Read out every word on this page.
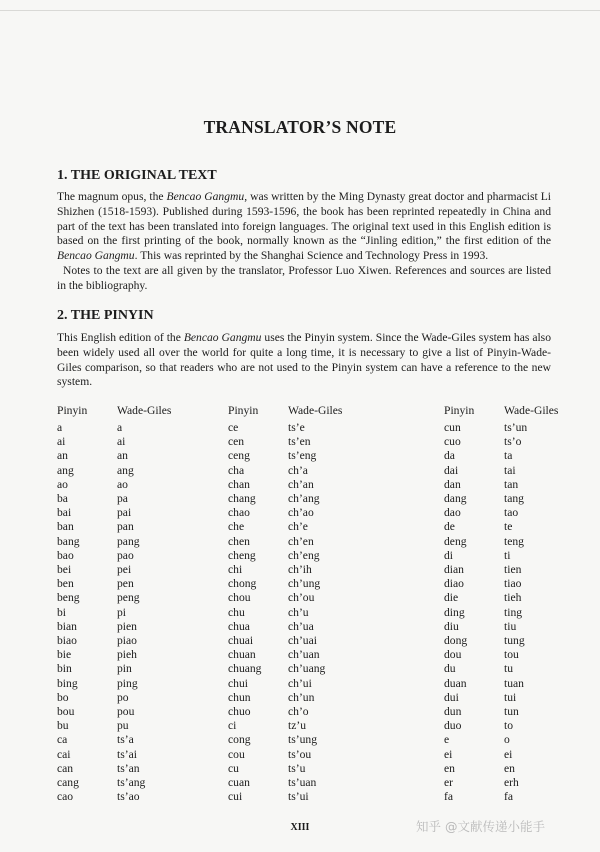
TRANSLATOR’S NOTE
1. THE ORIGINAL TEXT

The magnum opus, the Bencao Gangmu, was written by the Ming Dynasty great doctor and pharmacist Li Shizhen (1518-1593). Published during 1593-1596, the book has been reprinted repeatedly in China and part of the text has been translated into foreign languages. The original text used in this English edition is based on the first printing of the book, normally known as the “Jinling edition,” the first edition of the Bencao Gangmu. This was reprinted by the Shanghai Science and Technology Press in 1993.

Notes to the text are all given by the translator, Professor Luo Xiwen. References and sources are listed in the bibliography.

2. THE PINYIN

This English edition of the Bencao Gangmu uses the Pinyin system. Since the Wade-Giles system has also been widely used all over the world for quite a long time, it is necessary to give a list of Pinyin-Wade-Giles comparison, so that readers who are not used to the Pinyin system can have a reference to the new system.

Pinyin	Wade-Giles
a	a
ai	ai
an	an
ang	ang
ao	ao
ba	pa
bai	pai
ban	pan
bang	pang
bao	pao
bei	pei
ben	pen
beng	peng
bi	pi
bian	pien
biao	piao
bie	pieh
bin	pin
bing	ping
bo	po
bou	pou
bu	pu
ca	ts’a
cai	ts’ai
can	ts’an
cang	ts’ang
cao	ts’ao
Pinyin	Wade-Giles
ce	ts’e
cen	ts’en
ceng	ts’eng
cha	ch’a
chan	ch’an
chang	ch’ang
chao	ch’ao
che	ch’e
chen	ch’en
cheng	ch’eng
chi	ch’ih
chong	ch’ung
chou	ch’ou
chu	ch’u
chua	ch’ua
chuai	ch’uai
chuan	ch’uan
chuang ch’uang
chui	ch’ui
chun	ch’un
chuo	ch’o
ci	tz’u
cong	ts’ung
cou	ts’ou
cu	ts’u
cuan	ts’uan
cui	ts’ui
Pinyin	Wade-Giles
cun	ts’un
cuo	ts’o
da	ta
dai	tai
dan	tan
dang	tang
dao	tao
de	te
deng	teng
di	ti
dian	tien
diao	tiao
die	tieh
ding	ting
diu	tiu
dong	tung
dou	tou
du	tu
duan	tuan
dui	tui
dun	tun
duo	to
e	o
ei	ei
en	en
er	erh
fa	fa
XIII	知乎 @文献传递小能手
